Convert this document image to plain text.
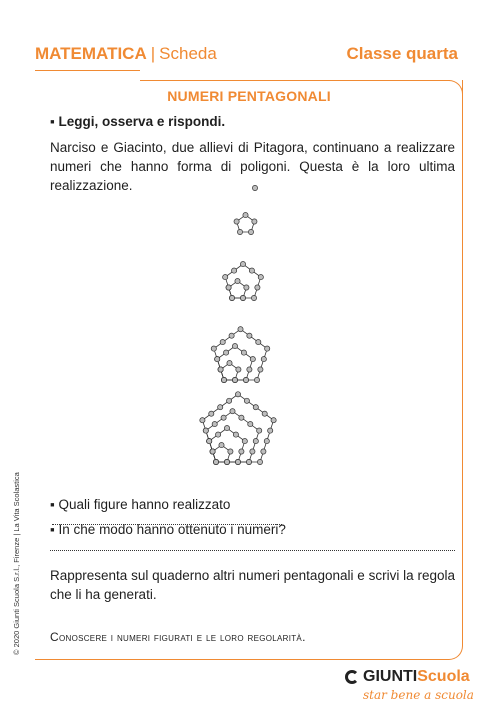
MATEMATICA | Scheda	Classe quarta
NUMERI PENTAGONALI
▪ Leggi, osserva e rispondi.
Narciso e Giacinto, due allievi di Pitagora, continuano a realizzare numeri che hanno forma di poligoni. Questa è la loro ultima realizzazione.
▪ Quali figure hanno realizzato
▪ In che modo hanno ottenuto i numeri?
Rappresenta sul quaderno altri numeri pentagonali e scrivi la regola che li ha generati.
Conoscere i numeri figurati e le loro regolarità.
© 2020 Giunti Scuola S.r.l., Firenze | La Vita Scolastica
GIUNTIScuola
star bene a scuola
